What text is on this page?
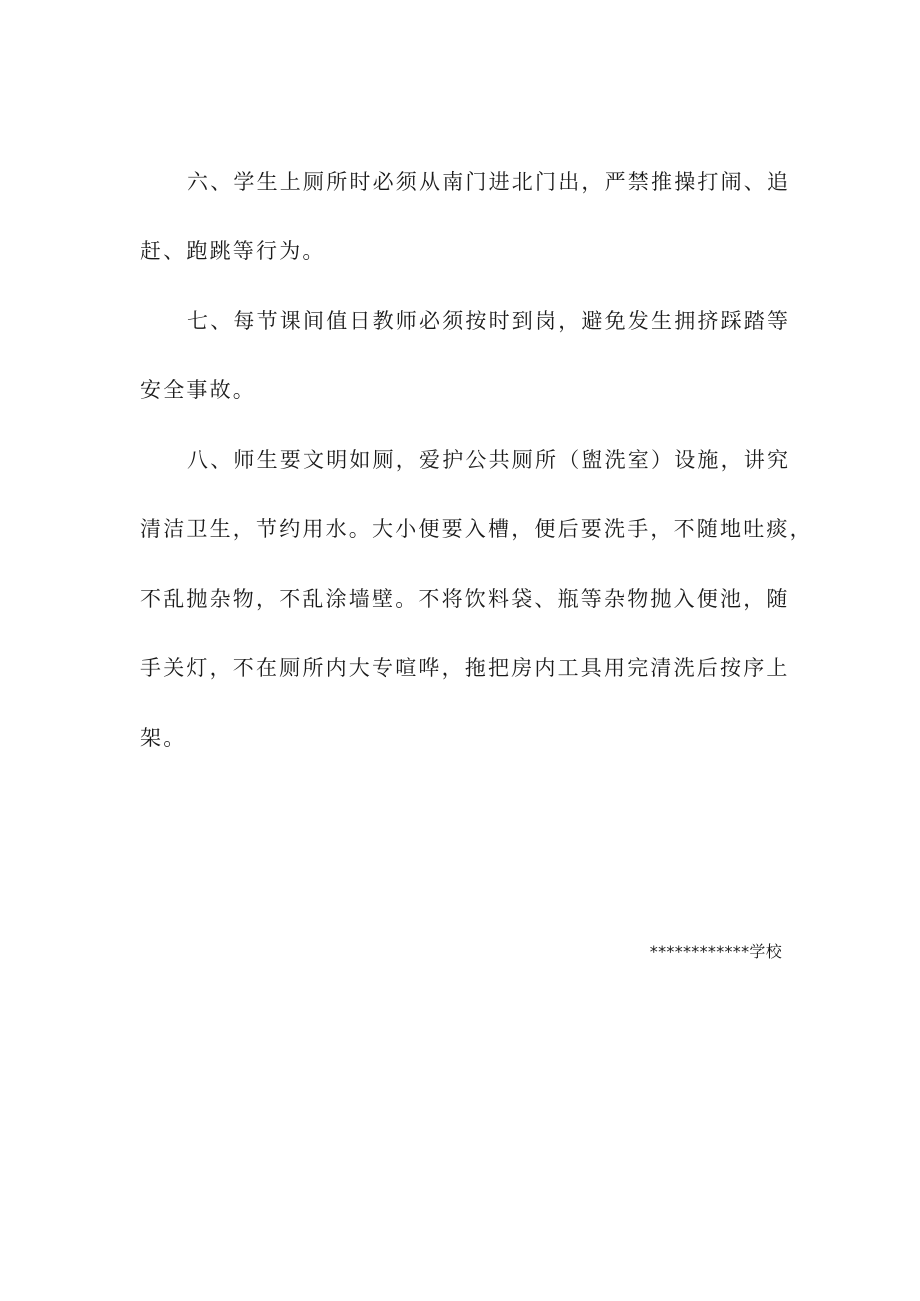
六、学生上厕所时必须从南门进北门出，严禁推操打闹、追
赶、跑跳等行为。
七、每节课间值日教师必须按时到岗，避免发生拥挤踩踏等
安全事故。
八、师生要文明如厕，爱护公共厕所（盥洗室）设施，讲究
清洁卫生，节约用水。大小便要入槽，便后要洗手，不随地吐痰，
不乱抛杂物，不乱涂墙壁。不将饮料袋、瓶等杂物抛入便池，随
手关灯，不在厕所内大专喧哗，拖把房内工具用完清洗后按序上
架。
************学校
